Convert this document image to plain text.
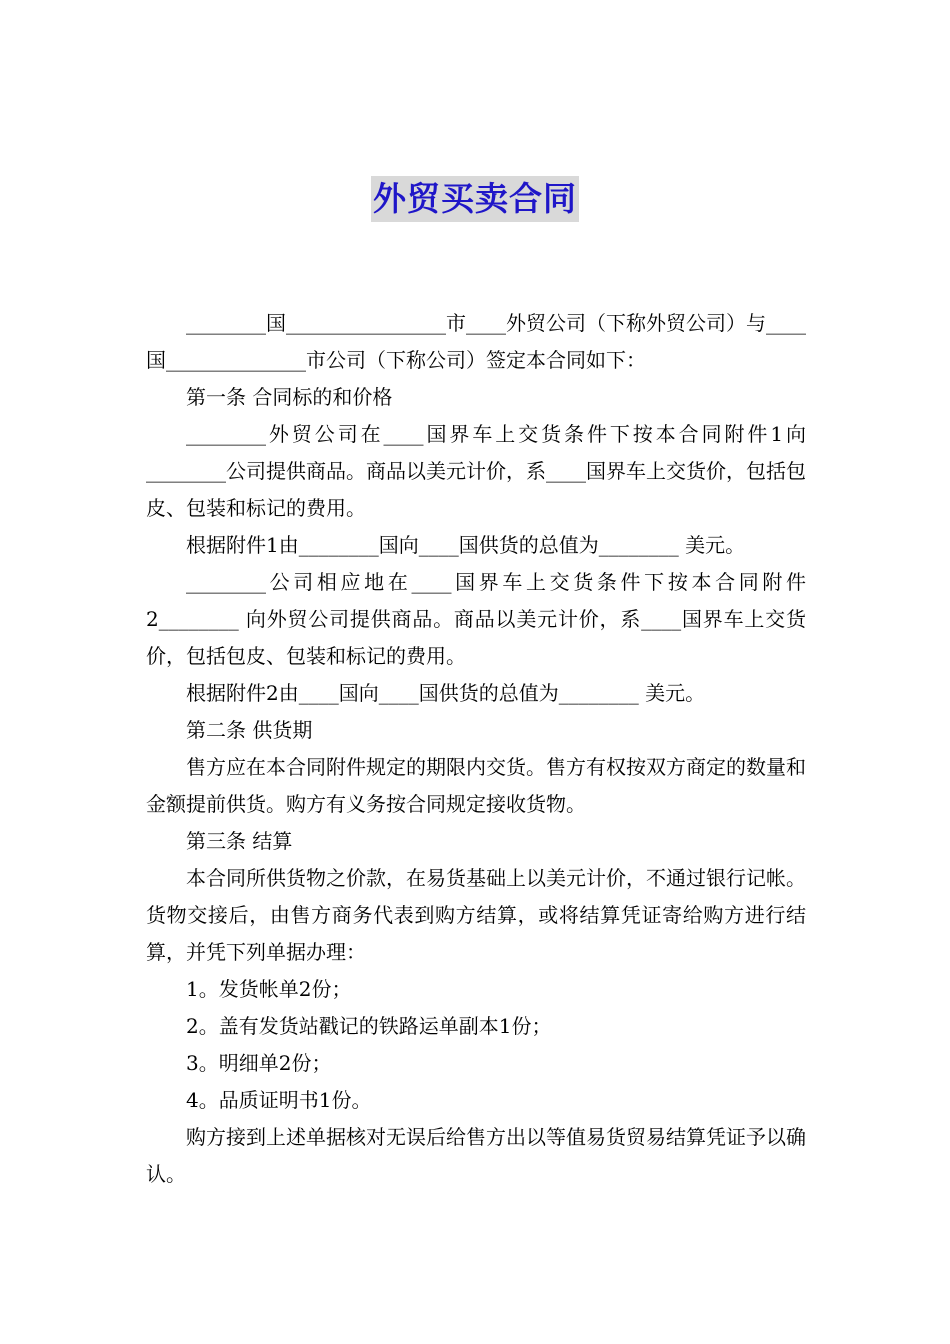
外贸买卖合同

________国________________市____外贸公司（下称外贸公司）与____国______________市公司（下称公司）签定本合同如下：

第一条 合同标的和价格

________外贸公司在____国界车上交货条件下按本合同附件1向________公司提供商品。商品以美元计价，系____国界车上交货价，包括包皮、包装和标记的费用。

根据附件1由________国向____国供货的总值为________ 美元。

________公司相应地在____国界车上交货条件下按本合同附件2________ 向外贸公司提供商品。商品以美元计价，系____国界车上交货价，包括包皮、包装和标记的费用。

根据附件2由____国向____国供货的总值为________ 美元。

第二条 供货期

售方应在本合同附件规定的期限内交货。售方有权按双方商定的数量和金额提前供货。购方有义务按合同规定接收货物。

第三条 结算

本合同所供货物之价款，在易货基础上以美元计价，不通过银行记帐。货物交接后，由售方商务代表到购方结算，或将结算凭证寄给购方进行结算，并凭下列单据办理：

1。发货帐单2份；

2。盖有发货站戳记的铁路运单副本1份；

3。明细单2份；

4。品质证明书1份。

购方接到上述单据核对无误后给售方出以等值易货贸易结算凭证予以确认。
